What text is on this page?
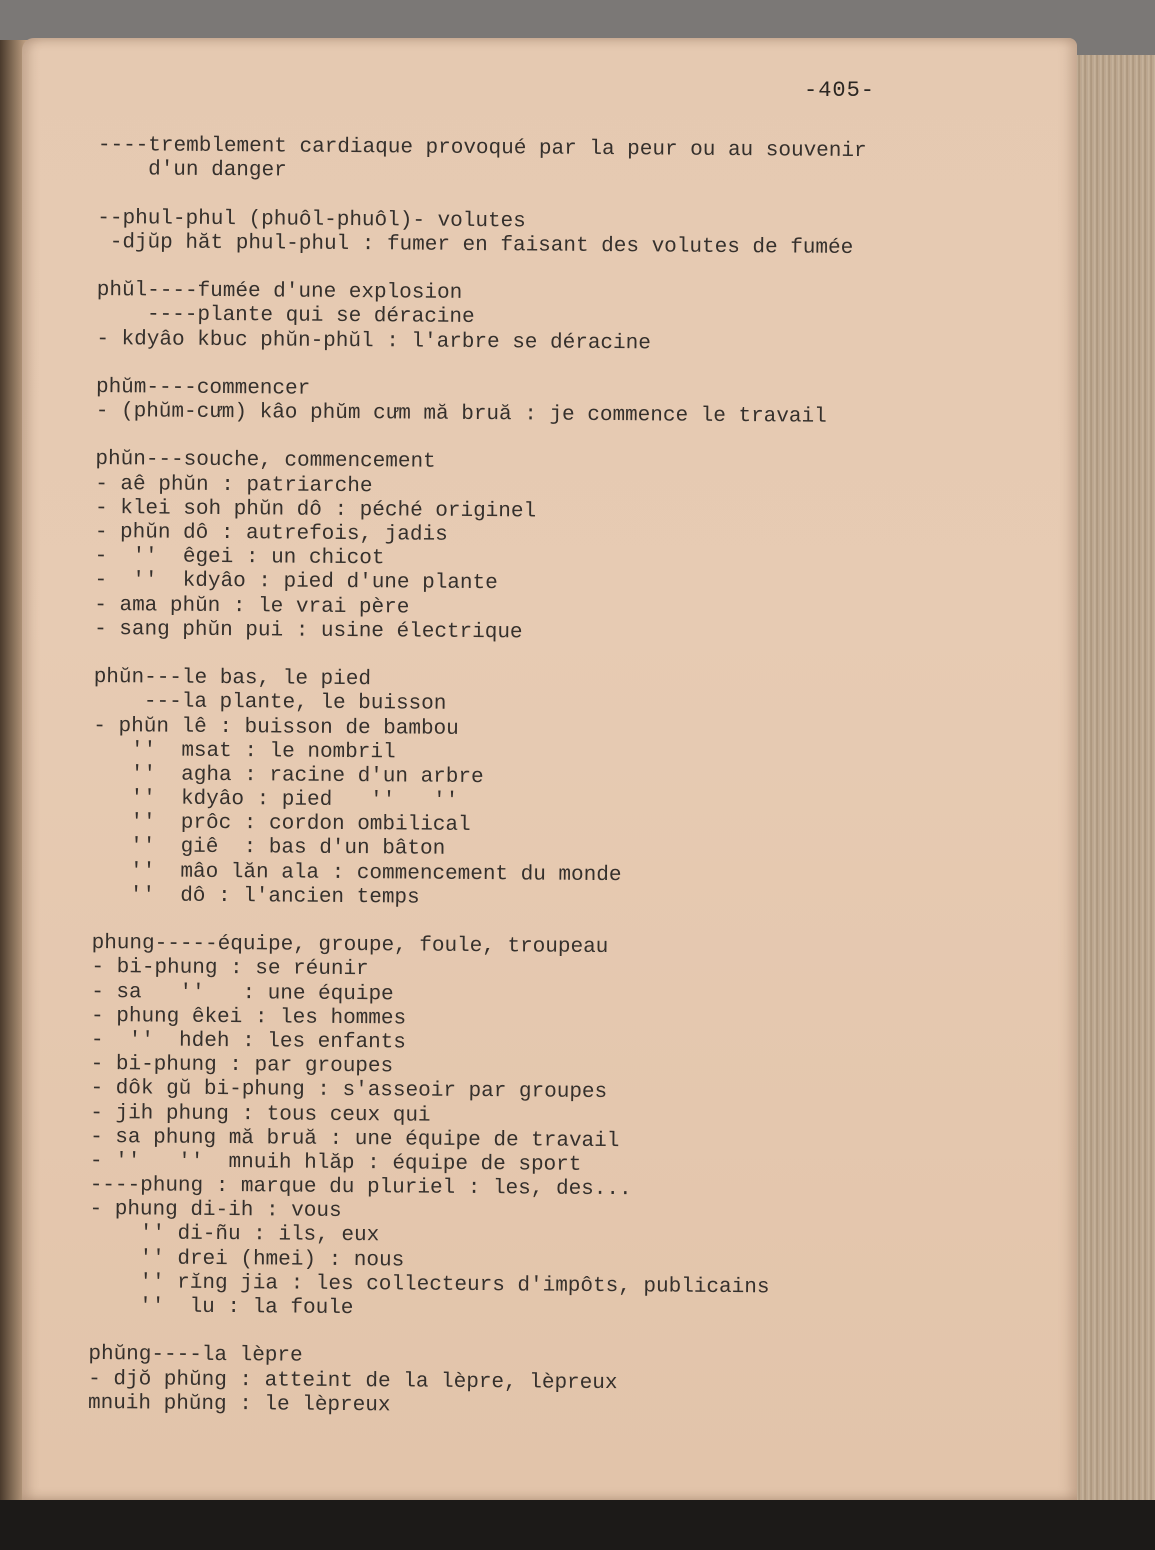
-405-
----tremblement cardiaque provoqué par la peur ou au souvenir
d'un danger
--phul-phul (phuôl-phuôl)- volutes
-djŭp hăt phul-phul : fumer en faisant des volutes de fumée
phŭl----fumée d'une explosion
----plante qui se déracine
- kdyâo kbuc phŭn-phŭl : l'arbre se déracine
phŭm----commencer
- (phŭm-cưm) kâo phŭm cưm mă bruă : je commence le travail
phŭn---souche, commencement
- aê phŭn : patriarche
- klei soh phŭn dô : péché originel
- phŭn dô : autrefois, jadis
-  ''  êgei : un chicot
-  ''  kdyâo : pied d'une plante
- ama phŭn : le vrai père
- sang phŭn pui : usine électrique
phŭn---le bas, le pied
---la plante, le buisson
- phŭn lê : buisson de bambou
''  msat : le nombril
''  agha : racine d'un arbre
''  kdyâo : pied   ''   ''
''  prôc : cordon ombilical
''  giê  : bas d'un bâton
''  mâo lăn ala : commencement du monde
''  dô : l'ancien temps
phung-----équipe, groupe, foule, troupeau
- bi-phung : se réunir
- sa   ''   : une équipe
- phung êkei : les hommes
-  ''  hdeh : les enfants
- bi-phung : par groupes
- dôk gŭ bi-phung : s'asseoir par groupes
- jih phung : tous ceux qui
- sa phung mă bruă : une équipe de travail
- ''   ''  mnuih hlăp : équipe de sport
----phung : marque du pluriel : les, des...
- phung di-ih : vous
'' di-ñu : ils, eux
'' drei (hmei) : nous
'' rĭng jia : les collecteurs d'impôts, publicains
''  lu : la foule
phŭng----la lèpre
- djŏ phŭng : atteint de la lèpre, lèpreux
mnuih phŭng : le lèpreux
